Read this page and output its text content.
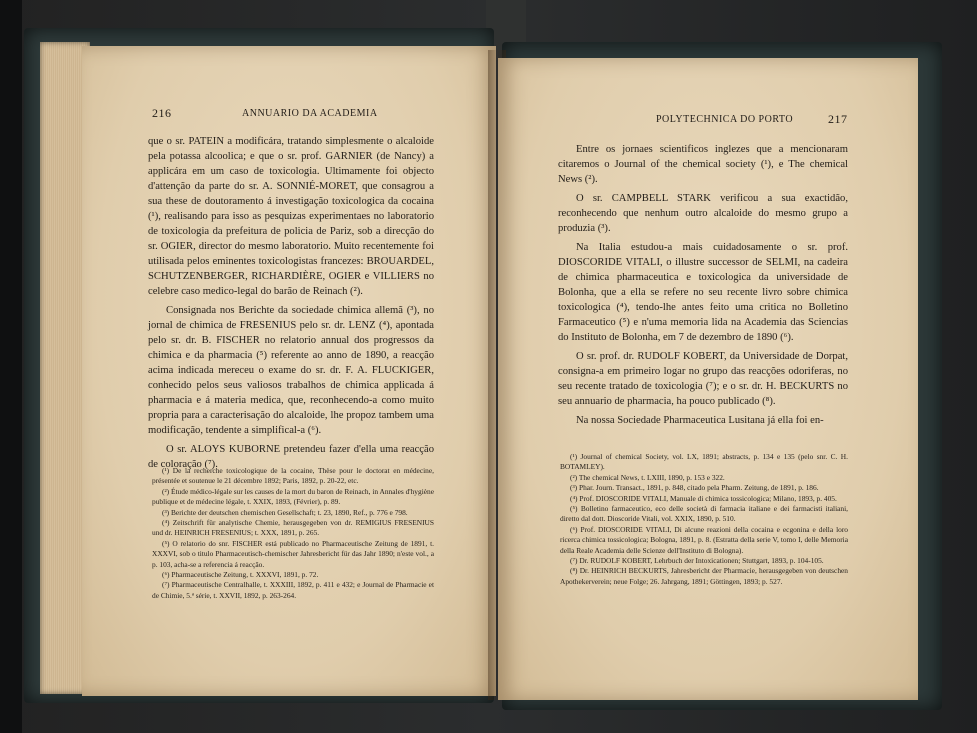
216	ANNUARIO DA ACADEMIA

que o sr. PATEIN a modificára, tratando simplesmente o alcaloide pela potassa alcoolica; e que o sr. prof. GARNIER (de Nancy) a applicára em um caso de toxicologia. Ultimamente foi objecto d'attenção da parte do sr. A. SONNIÉ-MORET, que consagrou a sua these de doutoramento á investigação toxicologica da cocaina (¹), realisando para isso as pesquizas experimentaes no laboratorio de toxicologia da prefeitura de policia de Pariz, sob a direcção do sr. OGIER, director do mesmo laboratorio. Muito recentemente foi utilisada pelos eminentes toxicologistas francezes: BROUARDEL, SCHUTZENBERGER, RICHARDIÈRE, OGIER e VILLIERS no celebre caso medico-legal do barão de Reinach (²).

Consignada nos Berichte da sociedade chimica allemã (³), no jornal de chimica de FRESENIUS pelo sr. dr. LENZ (⁴), apontada pelo sr. dr. B. FISCHER no relatorio annual dos progressos da chimica e da pharmacia (⁵) referente ao anno de 1890, a reacção acima indicada mereceu o exame do sr. dr. F. A. FLUCKIGER, conhecido pelos seus valiosos trabalhos de chimica applicada á pharmacia e á materia medica, que, reconhecendo-a como muito propria para a caracterisação do alcaloide, lhe propoz tambem uma modificação, tendente a simplifical-a (⁶).

O sr. ALOYS KUBORNE pretendeu fazer d'ella uma reacção de coloração (⁷).

(¹) De la recherche toxicologique de la cocaine, Thèse pour le doctorat en médecine, présentée et soutenue le 21 décembre 1892; Paris, 1892, p. 20-22, etc.

(²) Étude médico-légale sur les causes de la mort du baron de Reinach, in Annales d'hygiène publique et de médecine légale, t. XXIX, 1893, (Février), p. 89.

(³) Berichte der deutschen chemischen Gesellschaft; t. 23, 1890, Ref., p. 776 e 798.

(⁴) Zeitschrift für analytische Chemie, herausgegeben von dr. REMIGIUS FRESENIUS und dr. HEINRICH FRESENIUS; t. XXX, 1891, p. 265.

(⁵) O relatorio do snr. FISCHER está publicado no Pharmaceutische Zeitung de 1891, t. XXXVI, sob o titulo Pharmaceutisch-chemischer Jahresbericht für das Jahr 1890; n'este vol., a p. 103, acha-se a referencia á reacção.

(⁶) Pharmaceutische Zeitung, t. XXXVI, 1891, p. 72.

(⁷) Pharmaceutische Centralhalle, t. XXXIII, 1892, p. 411 e 432; e Journal de Pharmacie et de Chimie, 5.ª série, t. XXVII, 1892, p. 263-264.

POLYTECHNICA DO PORTO	217

Entre os jornaes scientificos inglezes que a mencionaram citaremos o Journal of the chemical society (¹), e The chemical News (²).

O sr. CAMPBELL STARK verificou a sua exactidão, reconhecendo que nenhum outro alcaloide do mesmo grupo a produzia (³).

Na Italia estudou-a mais cuidadosamente o sr. prof. DIOSCORIDE VITALI, o illustre successor de SELMI, na cadeira de chimica pharmaceutica e toxicologica da universidade de Bolonha, que a ella se refere no seu recente livro sobre chimica toxicologica (⁴), tendo-lhe antes feito uma critica no Bolletino Farmaceutico (⁵) e n'uma memoria lida na Academia das Sciencias do Instituto de Bolonha, em 7 de dezembro de 1890 (⁶).

O sr. prof. dr. RUDOLF KOBERT, da Universidade de Dorpat, consigna-a em primeiro logar no grupo das reacções odoriferas, no seu recente tratado de toxicologia (⁷); e o sr. dr. H. BECKURTS no seu annuario de pharmacia, ha pouco publicado (⁸).

Na nossa Sociedade Pharmaceutica Lusitana já ella foi en-

(¹) Journal of chemical Society, vol. LX, 1891; abstracts, p. 134 e 135 (pelo snr. C. H. BOTAMLEY).

(²) The chemical News, t. LXIII, 1890, p. 153 e 322.

(³) Phar. Journ. Transact., 1891, p. 848, citado pela Pharm. Zeitung, de 1891, p. 186.

(⁴) Prof. DIOSCORIDE VITALI, Manuale di chimica tossicologica; Milano, 1893, p. 405.

(⁵) Bolletino farmaceutico, eco delle società di farmacia italiane e dei farmacisti italiani, diretto dal dott. Dioscoride Vitali, vol. XXIX, 1890, p. 510.

(⁶) Prof. DIOSCORIDE VITALI, Di alcune reazioni della cocaina e ecgonina e della loro ricerca chimica tossicologica; Bologna, 1891, p. 8. (Estratta della serie V, tomo I, delle Memoria della Reale Academia delle Scienze dell'Instituto di Bologna).

(⁷) Dr. RUDOLF KOBERT, Lehrbuch der Intoxicationen; Stuttgart, 1893, p. 104-105.

(⁸) Dr. HEINRICH BECKURTS, Jahresbericht der Pharmacie, herausgegeben von deutschen Apothekerverein; neue Folge; 26. Jahrgang, 1891; Göttingen, 1893; p. 527.
